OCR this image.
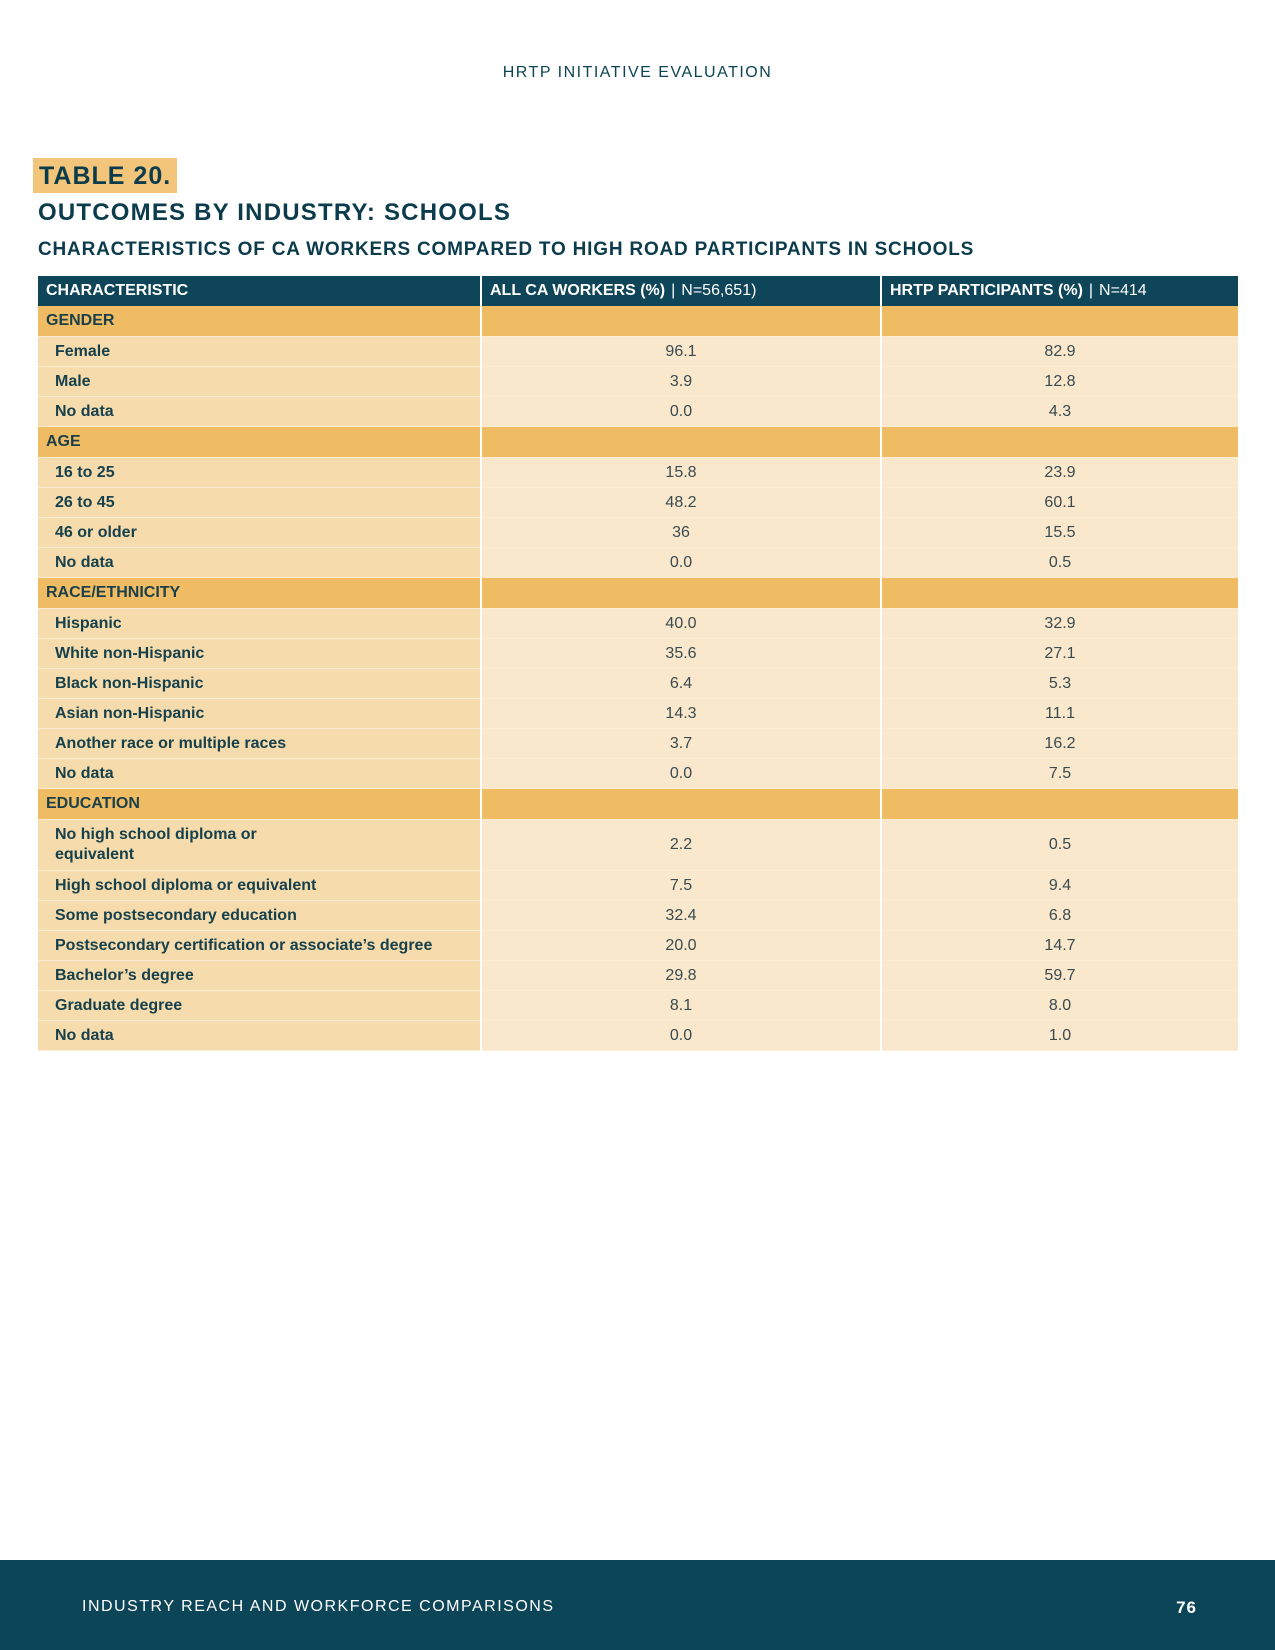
HRTP INITIATIVE EVALUATION
TABLE 20.
OUTCOMES BY INDUSTRY: SCHOOLS
CHARACTERISTICS OF CA WORKERS COMPARED TO HIGH ROAD PARTICIPANTS IN SCHOOLS
CHARACTERISTIC	ALL CA WORKERS (%) | N=56,651)	HRTP PARTICIPANTS (%) | N=414
GENDER		
Female	96.1	82.9
Male	3.9	12.8
No data	0.0	4.3
AGE		
16 to 25	15.8	23.9
26 to 45	48.2	60.1
46 or older	36	15.5
No data	0.0	0.5
RACE/ETHNICITY		
Hispanic	40.0	32.9
White non-Hispanic	35.6	27.1
Black non-Hispanic	6.4	5.3
Asian non-Hispanic	14.3	11.1
Another race or multiple races	3.7	16.2
No data	0.0	7.5
EDUCATION		
No high school diploma or equivalent	2.2	0.5
High school diploma or equivalent	7.5	9.4
Some postsecondary education	32.4	6.8
Postsecondary certification or associate’s degree	20.0	14.7
Bachelor’s degree	29.8	59.7
Graduate degree	8.1	8.0
No data	0.0	1.0
INDUSTRY REACH AND WORKFORCE COMPARISONS	76
